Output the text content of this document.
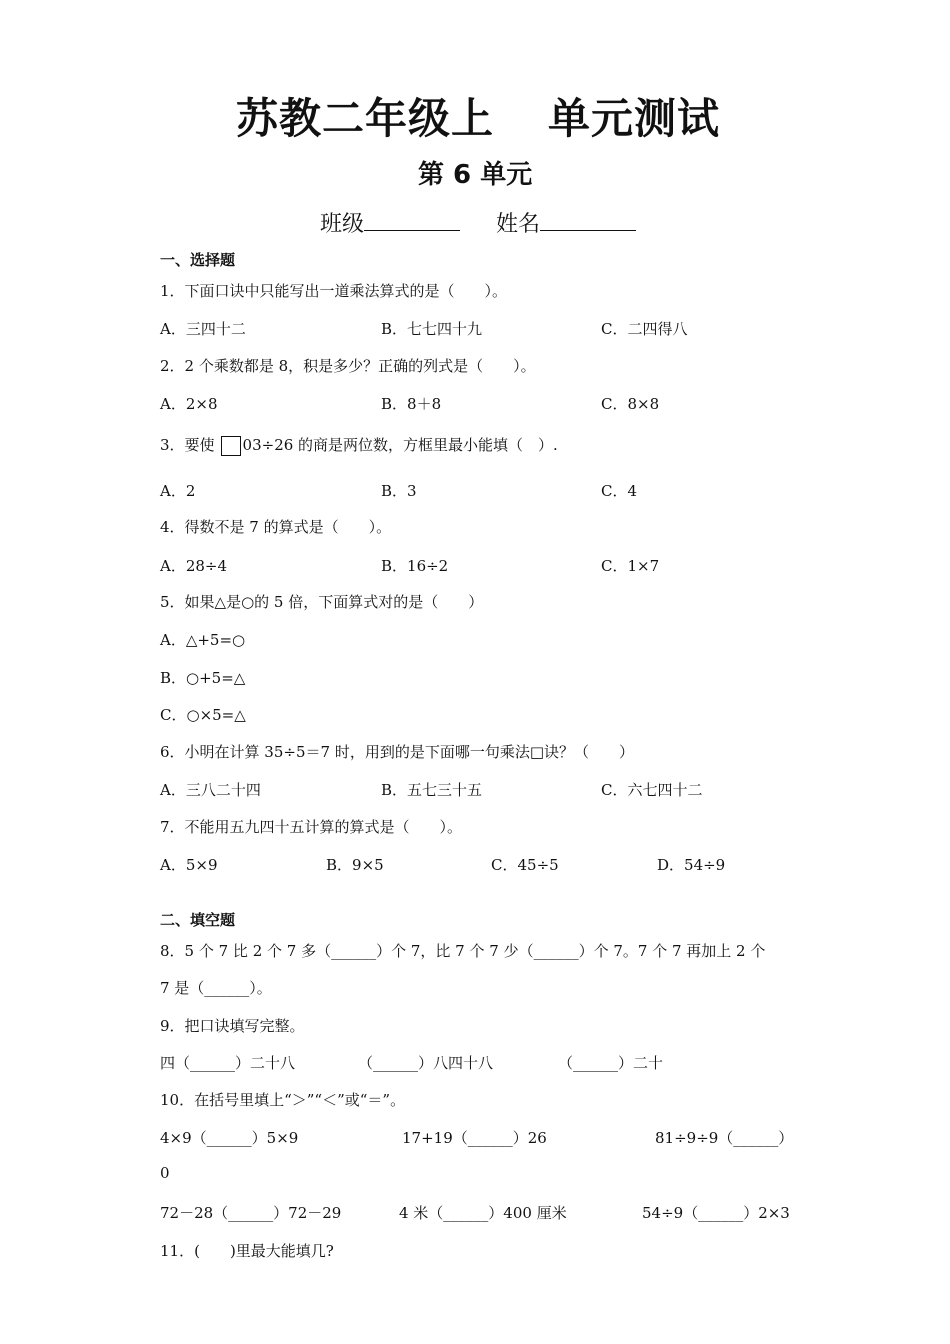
苏教二年级上 单元测试
第 6 单元
班级	姓名
一、选择题
1．下面口诀中只能写出一道乘法算式的是（　　）。
A．三四十二	B．七七四十九	C．二四得八
2．2 个乘数都是 8，积是多少？正确的列式是（　　）。
A．2×8	B．8＋8	C．8×8
3．要使 03÷26 的商是两位数，方框里最小能填（　）.
A．2	B．3	C．4
4．得数不是 7 的算式是（　　）。
A．28÷4	B．16÷2	C．1×7
5．如果△是○的 5 倍，下面算式对的是（　　）
A．△+5=○
B．○+5=△
C．○×5=△
6．小明在计算 35÷5＝7 时，用到的是下面哪一句乘法□诀？（　　）
A．三八二十四	B．五七三十五	C．六七四十二
7．不能用五九四十五计算的算式是（　　）。
A．5×9	B．9×5	C．45÷5	D．54÷9
二、填空题
8．5 个 7 比 2 个 7 多（______）个 7，比 7 个 7 少（______）个 7。7 个 7 再加上 2 个
7 是（______）。
9．把口诀填写完整。
四（______）二十八	（______）八四十八	（______）二十
10．在括号里填上“＞”“＜”或“＝”。
4×9（______）5×9	17+19（______）26	81÷9÷9（______）
0
72－28（______）72－29	4 米（______）400 厘米	54÷9（______）2×3
11．(　　)里最大能填几?
